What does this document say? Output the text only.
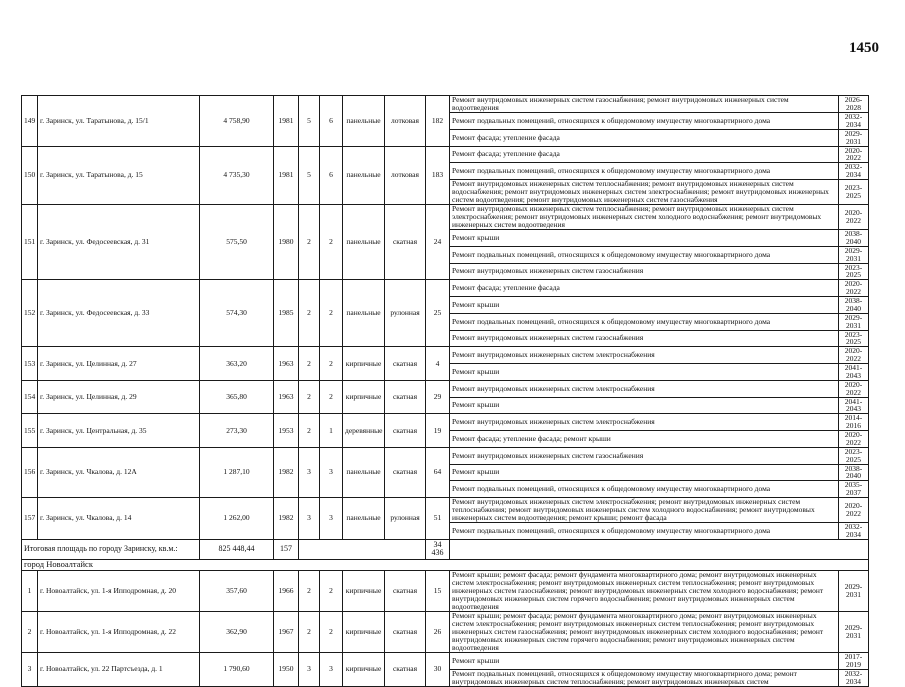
1450
149	г. Заринск, ул. Таратынова, д. 15/1	4 758,90	1981	5	6	панельные	лотковая	182	Ремонт внутридомовых инженерных систем газоснабжения; ремонт внутридомовых инженерных систем водоотведения	2026-2028
									Ремонт подвальных помещений, относящихся к общедомовому имуществу многоквартирного дома	2032-2034
									Ремонт фасада; утепление фасада	2029-2031
150	г. Заринск, ул. Таратынова, д. 15	4 735,30	1981	5	6	панельные	лотковая	183	Ремонт фасада; утепление фасада	2020-2022
									Ремонт подвальных помещений, относящихся к общедомовому имуществу многоквартирного дома	2032-2034
									Ремонт внутридомовых инженерных систем теплоснабжения; ремонт внутридомовых инженерных систем водоснабжения; ремонт внутридомовых инженерных систем электроснабжения; ремонт внутридомовых инженерных систем водоотведения; ремонт внутридомовых инженерных систем газоснабжения	2023-2025
151	г. Заринск, ул. Федосеевская, д. 31	575,50	1980	2	2	панельные	скатная	24	Ремонт внутридомовых инженерных систем теплоснабжения; ремонт внутридомовых инженерных систем электроснабжения; ремонт внутридомовых инженерных систем холодного водоснабжения; ремонт внутридомовых инженерных систем водоотведения	2020-2022
									Ремонт крыши	2038-2040
									Ремонт подвальных помещений, относящихся к общедомовому имуществу многоквартирного дома	2029-2031
									Ремонт внутридомовых инженерных систем газоснабжения	2023-2025
152	г. Заринск, ул. Федосеевская, д. 33	574,30	1985	2	2	панельные	рулонная	25	Ремонт фасада; утепление фасада	2020-2022
									Ремонт крыши	2038-2040
									Ремонт подвальных помещений, относящихся к общедомовому имуществу многоквартирного дома	2029-2031
									Ремонт внутридомовых инженерных систем газоснабжения	2023-2025
153	г. Заринск, ул. Целинная, д. 27	363,20	1963	2	2	кирпичные	скатная	4	Ремонт внутридомовых инженерных систем электроснабжения	2020-2022
									Ремонт крыши	2041-2043
154	г. Заринск, ул. Целинная, д. 29	365,80	1963	2	2	кирпичные	скатная	29	Ремонт внутридомовых инженерных систем электроснабжения	2020-2022
									Ремонт крыши	2041-2043
155	г. Заринск, ул. Центральная, д. 35	273,30	1953	2	1	деревянные	скатная	19	Ремонт внутридомовых инженерных систем электроснабжения	2014-2016
									Ремонт фасада; утепление фасада; ремонт крыши	2020-2022
156	г. Заринск, ул. Чкалова, д. 12А	1 287,10	1982	3	3	панельные	скатная	64	Ремонт внутридомовых инженерных систем газоснабжения	2023-2025
									Ремонт крыши	2038-2040
									Ремонт подвальных помещений, относящихся к общедомовому имуществу многоквартирного дома	2035-2037
157	г. Заринск, ул. Чкалова, д. 14	1 262,00	1982	3	3	панельные	рулонная	51	Ремонт внутридомовых инженерных систем электроснабжения; ремонт внутридомовых инженерных систем теплоснабжения; ремонт внутридомовых инженерных систем холодного водоснабжения; ремонт внутридомовых инженерных систем водоотведения; ремонт крыши; ремонт фасада	2020-2022
									Ремонт подвальных помещений, относящихся к общедомовому имуществу многоквартирного дома	2032-2034
Итоговая площадь по городу Заринску, кв.м.:		825 448,44	157					34 436		
город Новоалтайск										
1	г. Новоалтайск, ул. 1-я Ипподромная, д. 20	357,60	1966	2	2	кирпичные	скатная	15	Ремонт крыши; ремонт фасада; ремонт фундамента многоквартирного дома; ремонт внутридомовых инженерных систем электроснабжения; ремонт внутридомовых инженерных систем теплоснабжения; ремонт внутридомовых инженерных систем газоснабжения; ремонт внутридомовых инженерных систем холодного водоснабжения; ремонт внутридомовых инженерных систем горячего водоснабжения; ремонт внутридомовых инженерных систем водоотведения	2029-2031
2	г. Новоалтайск, ул. 1-я Ипподромная, д. 22	362,90	1967	2	2	кирпичные	скатная	26	Ремонт крыши; ремонт фасада; ремонт фундамента многоквартирного дома; ремонт внутридомовых инженерных систем электроснабжения; ремонт внутридомовых инженерных систем теплоснабжения; ремонт внутридомовых инженерных систем газоснабжения; ремонт внутридомовых инженерных систем холодного водоснабжения; ремонт внутридомовых инженерных систем горячего водоснабжения; ремонт внутридомовых инженерных систем водоотведения	2029-2031
3	г. Новоалтайск, ул. 22 Партсъезда, д. 1	1 790,60	1950	3	3	кирпичные	скатная	30	Ремонт крыши	2017-2019
									Ремонт подвальных помещений, относящихся к общедомовому имуществу многоквартирного дома; ремонт внутридомовых инженерных систем теплоснабжения; ремонт внутридомовых инженерных систем	2032-2034
